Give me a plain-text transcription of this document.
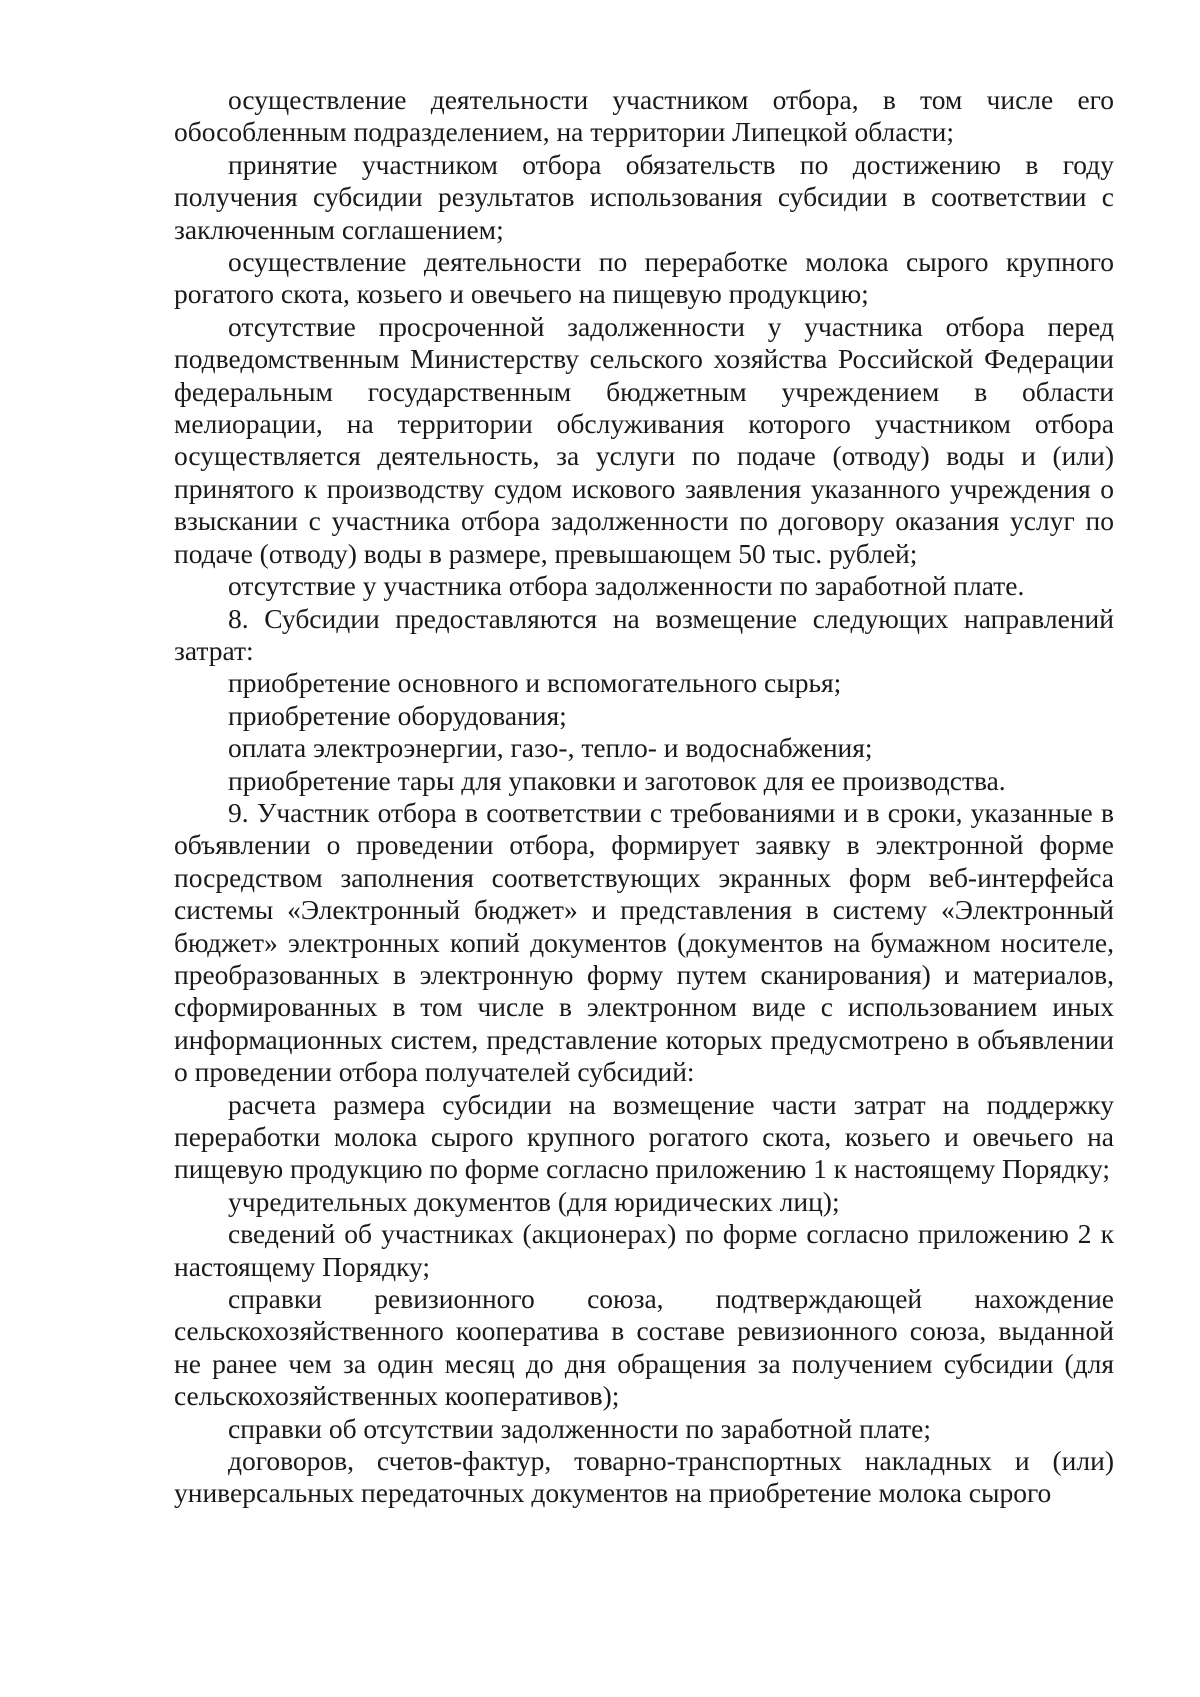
осуществление деятельности участником отбора, в том числе его обособленным подразделением, на территории Липецкой области;

принятие участником отбора обязательств по достижению в году получения субсидии результатов использования субсидии в соответствии с заключенным соглашением;

осуществление деятельности по переработке молока сырого крупного рогатого скота, козьего и овечьего на пищевую продукцию;

отсутствие просроченной задолженности у участника отбора перед подведомственным Министерству сельского хозяйства Российской Федерации федеральным государственным бюджетным учреждением в области мелиорации, на территории обслуживания которого участником отбора осуществляется деятельность, за услуги по подаче (отводу) воды и (или) принятого к производству судом искового заявления указанного учреждения о взыскании с участника отбора задолженности по договору оказания услуг по подаче (отводу) воды в размере, превышающем 50 тыс. рублей;

отсутствие у участника отбора задолженности по заработной плате.

8. Субсидии предоставляются на возмещение следующих направлений затрат:

приобретение основного и вспомогательного сырья;

приобретение оборудования;

оплата электроэнергии, газо-, тепло- и водоснабжения;

приобретение тары для упаковки и заготовок для ее производства.

9. Участник отбора в соответствии с требованиями и в сроки, указанные в объявлении о проведении отбора, формирует заявку в электронной форме посредством заполнения соответствующих экранных форм веб-интерфейса системы «Электронный бюджет» и представления в систему «Электронный бюджет» электронных копий документов (документов на бумажном носителе, преобразованных в электронную форму путем сканирования) и материалов, сформированных в том числе в электронном виде с использованием иных информационных систем, представление которых предусмотрено в объявлении о проведении отбора получателей субсидий:

расчета размера субсидии на возмещение части затрат на поддержку переработки молока сырого крупного рогатого скота, козьего и овечьего на пищевую продукцию по форме согласно приложению 1 к настоящему Порядку;

учредительных документов (для юридических лиц);

сведений об участниках (акционерах) по форме согласно приложению 2 к настоящему Порядку;

справки ревизионного союза, подтверждающей нахождение сельскохозяйственного кооператива в составе ревизионного союза, выданной не ранее чем за один месяц до дня обращения за получением субсидии (для сельскохозяйственных кооперативов);

справки об отсутствии задолженности по заработной плате;

договоров, счетов-фактур, товарно-транспортных накладных и (или) универсальных передаточных документов на приобретение молока сырого
